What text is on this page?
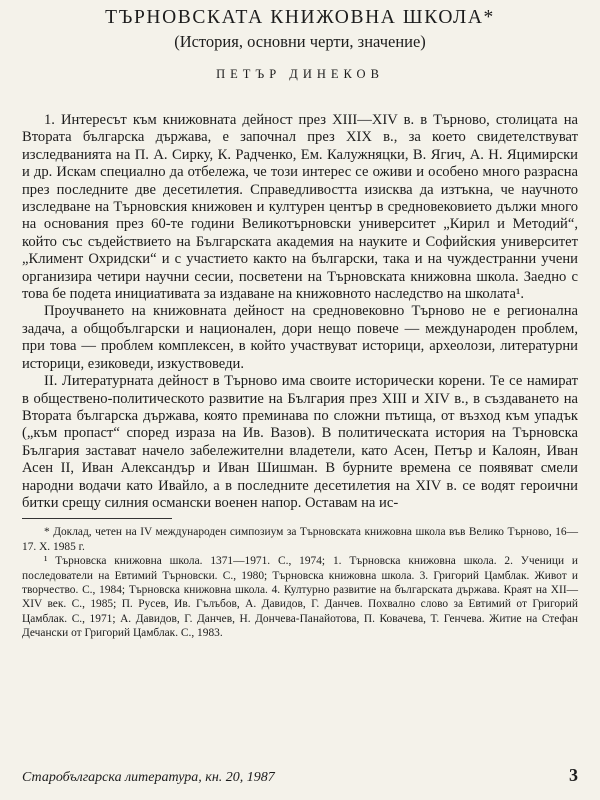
ТЪРНОВСКАТА КНИЖОВНА ШКОЛА*
(История, основни черти, значение)
ПЕТЪР ДИНЕКОВ

1. Интересът към книжовната дейност през XIII—XIV в. в Търново, столицата на Втората българска държава, е започнал през XIX в., за което свидетелствуват изследванията на П. А. Сирку, К. Радченко, Ем. Калужняцки, В. Ягич, А. Н. Яцимирски и др. Искам специално да отбележа, че този интерес се оживи и особено много разрасна през последните две десетилетия. Справедливостта изисква да изтъкна, че научното изследване на Търновския книжовен и културен център в средновековието дължи много на основания през 60-те години Великотърновски университет „Кирил и Методий“, който със съдействието на Българската академия на науките и Софийския университет „Климент Охридски“ и с участието както на български, така и на чуждестранни учени организира четири научни сесии, посветени на Търновската книжовна школа. Заедно с това бе подета инициативата за издаване на книжовното наследство на школата¹.

Проучването на книжовната дейност на средновековно Търново не е регионална задача, а общобългарски и национален, дори нещо повече — международен проблем, при това — проблем комплексен, в който участвуват историци, археолози, литературни историци, езиковеди, изкуствоведи.

II. Литературната дейност в Търново има своите исторически корени. Те се намират в обществено-политическото развитие на България през XIII и XIV в., в създаването на Втората българска държава, която преминава по сложни пътища, от възход към упадък („към пропаст“ според израза на Ив. Вазов). В политическата история на Търновска България застават начело забележителни владетели, като Асен, Петър и Калоян, Иван Асен II, Иван Александър и Иван Шишман. В бурните времена се появяват смели народни водачи като Ивайло, а в последните десетилетия на XIV в. се водят героични битки срещу силния османски военен напор. Оставам на ис-

* Доклад, четен на IV международен симпозиум за Търновската книжовна школа във Велико Търново, 16—17. X. 1985 г.

¹ Търновска книжовна школа. 1371—1971. С., 1974; 1. Търновска книжовна школа. 2. Ученици и последователи на Евтимий Търновски. С., 1980; Търновска книжовна школа. 3. Григорий Цамблак. Живот и творчество. С., 1984; Търновска книжовна школа. 4. Културно развитие на българската държава. Краят на XII—XIV век. С., 1985; П. Русев, Ив. Гълъбов, А. Давидов, Г. Данчев. Похвално слово за Евтимий от Григорий Цамблак. С., 1971; А. Давидов, Г. Данчев, Н. Дончева-Панайотова, П. Ковачева, Т. Генчева. Житие на Стефан Дечански от Григорий Цамблак. С., 1983.

Старобългарска литература, кн. 20, 1987	3
